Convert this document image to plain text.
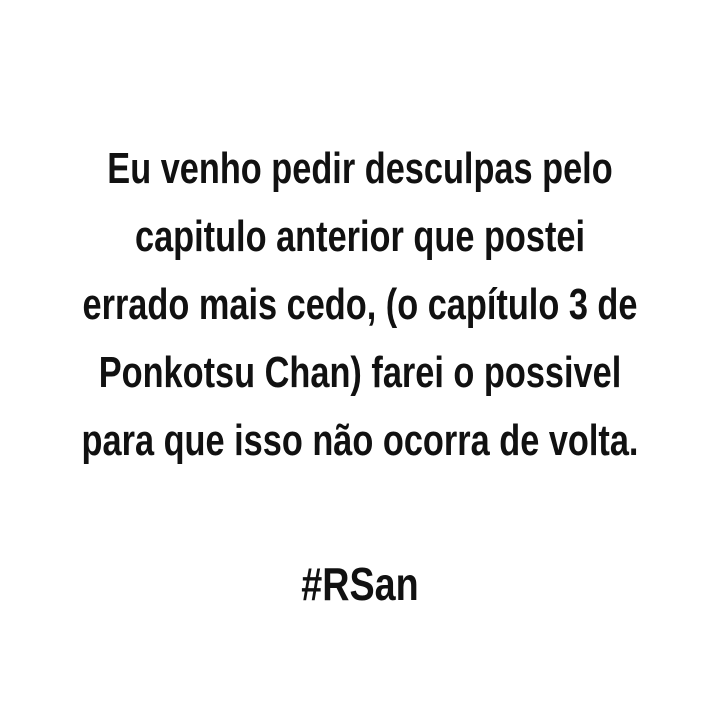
Eu venho pedir desculpas pelo
capitulo anterior que postei
errado mais cedo, (o capítulo 3 de
Ponkotsu Chan) farei o possivel
para que isso não ocorra de volta.
#RSan
